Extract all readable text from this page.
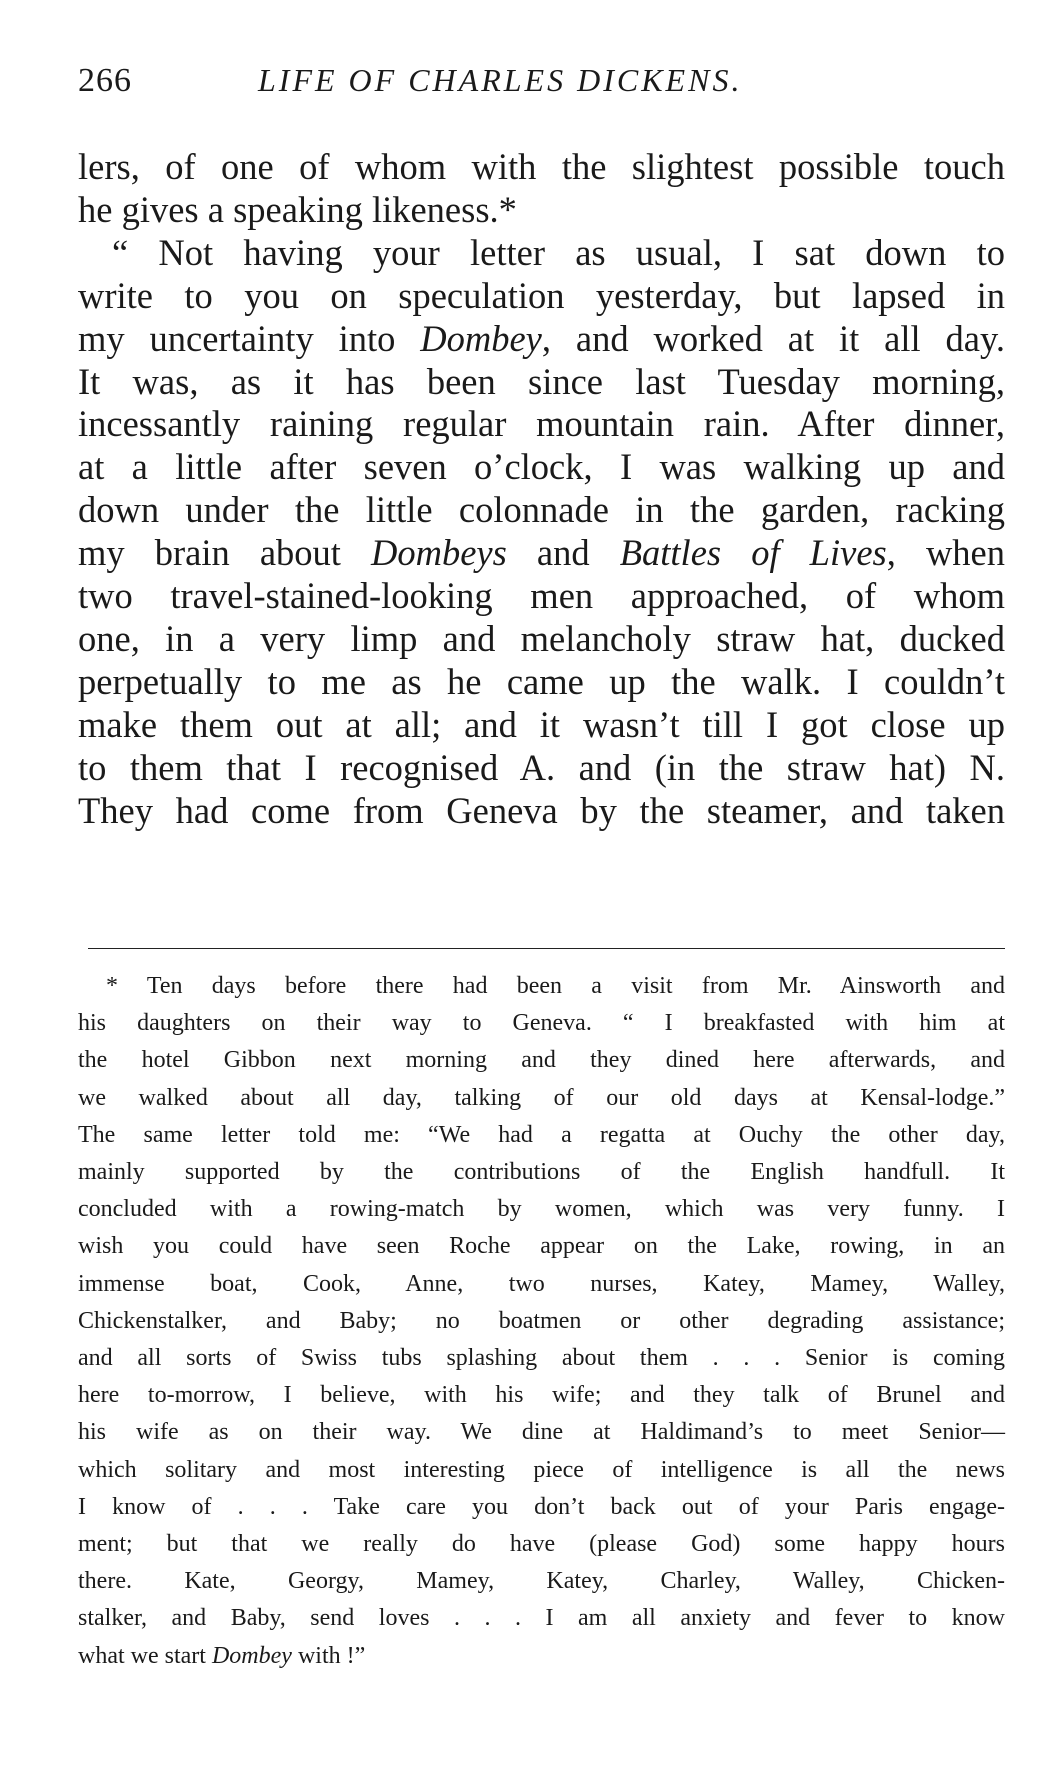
266	LIFE OF CHARLES DICKENS.
lers, of one of whom with the slightest possible touch
he gives a speaking likeness.*
“ Not having your letter as usual, I sat down to
write to you on speculation yesterday, but lapsed in
my uncertainty into Dombey, and worked at it all day.
It was, as it has been since last Tuesday morning,
incessantly raining regular mountain rain. After dinner,
at a little after seven o’clock, I was walking up and
down under the little colonnade in the garden, racking
my brain about Dombeys and Battles of Lives, when
two travel-stained-looking men approached, of whom
one, in a very limp and melancholy straw hat, ducked
perpetually to me as he came up the walk. I couldn’t
make them out at all; and it wasn’t till I got close up
to them that I recognised A. and (in the straw hat) N.
They had come from Geneva by the steamer, and taken
* Ten days before there had been a visit from Mr. Ainsworth and
his daughters on their way to Geneva. “ I breakfasted with him at
the hotel Gibbon next morning and they dined here afterwards, and
we walked about all day, talking of our old days at Kensal-lodge.”
The same letter told me: “We had a regatta at Ouchy the other day,
mainly supported by the contributions of the English handfull. It
concluded with a rowing-match by women, which was very funny. I
wish you could have seen Roche appear on the Lake, rowing, in an
immense boat, Cook, Anne, two nurses, Katey, Mamey, Walley,
Chickenstalker, and Baby; no boatmen or other degrading assistance;
and all sorts of Swiss tubs splashing about them . . . Senior is coming
here to-morrow, I believe, with his wife; and they talk of Brunel and
his wife as on their way. We dine at Haldimand’s to meet Senior—
which solitary and most interesting piece of intelligence is all the news
I know of . . . Take care you don’t back out of your Paris engage-
ment; but that we really do have (please God) some happy hours
there. Kate, Georgy, Mamey, Katey, Charley, Walley, Chicken-
stalker, and Baby, send loves . . . I am all anxiety and fever to know
what we start Dombey with !”
